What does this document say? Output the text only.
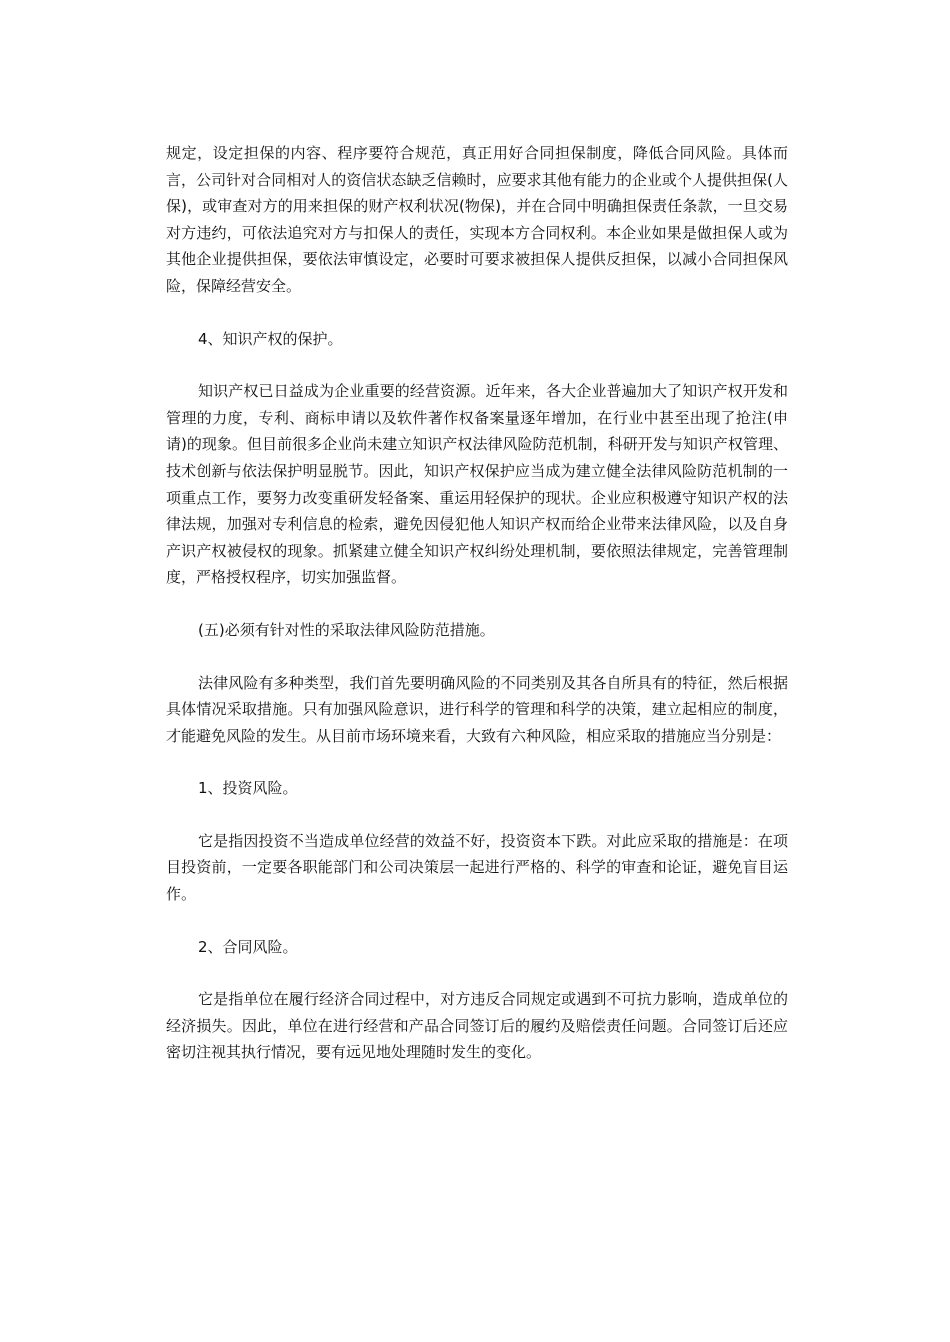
规定，设定担保的内容、程序要符合规范，真正用好合同担保制度，降低合同风险。具体而言，公司针对合同相对人的资信状态缺乏信赖时，应要求其他有能力的企业或个人提供担保(人保)，或审查对方的用来担保的财产权利状况(物保)，并在合同中明确担保责任条款，一旦交易对方违约，可依法追究对方与扣保人的责任，实现本方合同权利。本企业如果是做担保人或为其他企业提供担保，要依法审慎设定，必要时可要求被担保人提供反担保，以减小合同担保风险，保障经营安全。

4、知识产权的保护。

知识产权已日益成为企业重要的经营资源。近年来，各大企业普遍加大了知识产权开发和管理的力度，专利、商标申请以及软件著作权备案量逐年增加，在行业中甚至出现了抢注(申请)的现象。但目前很多企业尚未建立知识产权法律风险防范机制，科研开发与知识产权管理、技术创新与依法保护明显脱节。因此，知识产权保护应当成为建立健全法律风险防范机制的一项重点工作，要努力改变重研发轻备案、重运用轻保护的现状。企业应积极遵守知识产权的法律法规，加强对专利信息的检索，避免因侵犯他人知识产权而给企业带来法律风险，以及自身产识产权被侵权的现象。抓紧建立健全知识产权纠纷处理机制，要依照法律规定，完善管理制度，严格授权程序，切实加强监督。

(五)必须有针对性的采取法律风险防范措施。

法律风险有多种类型，我们首先要明确风险的不同类别及其各自所具有的特征，然后根据具体情况采取措施。只有加强风险意识，进行科学的管理和科学的决策，建立起相应的制度，才能避免风险的发生。从目前市场环境来看，大致有六种风险，相应采取的措施应当分别是：

1、投资风险。

它是指因投资不当造成单位经营的效益不好，投资资本下跌。对此应采取的措施是：在项目投资前，一定要各职能部门和公司决策层一起进行严格的、科学的审查和论证，避免盲目运作。

2、合同风险。

它是指单位在履行经济合同过程中，对方违反合同规定或遇到不可抗力影响，造成单位的经济损失。因此，单位在进行经营和产品合同签订后的履约及赔偿责任问题。合同签订后还应密切注视其执行情况，要有远见地处理随时发生的变化。
